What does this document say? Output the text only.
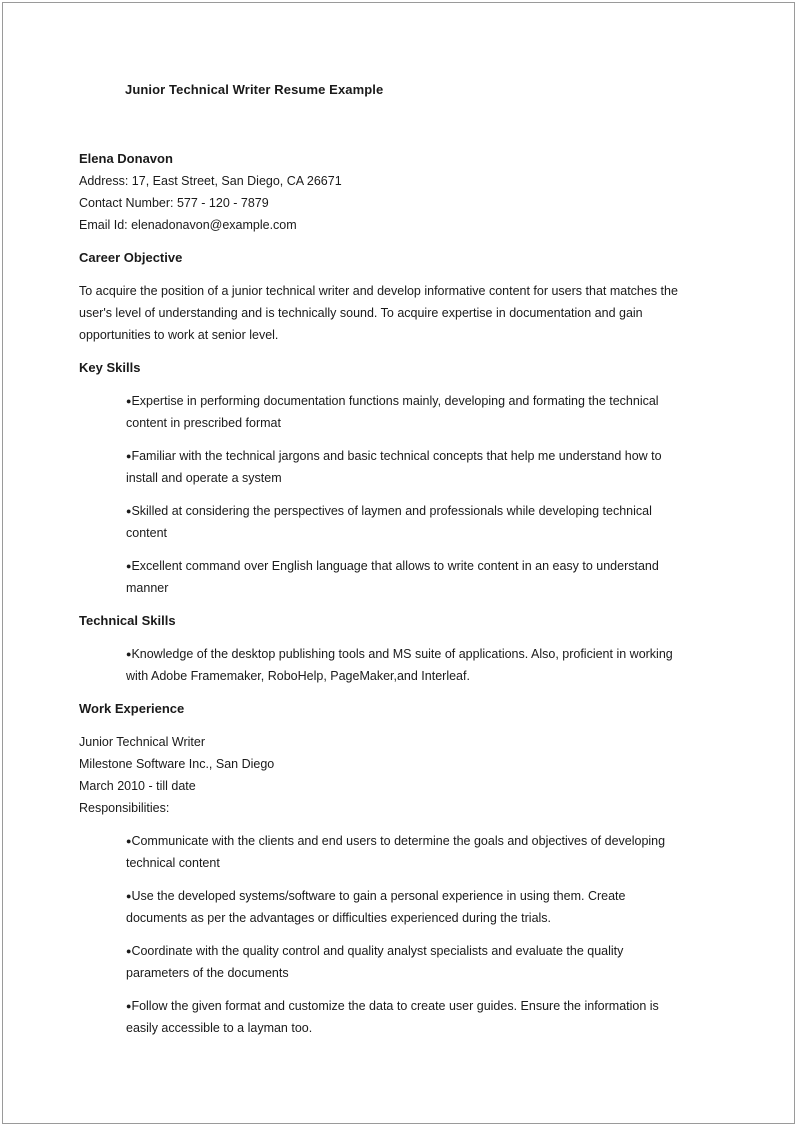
Junior Technical Writer Resume Example
Elena Donavon
Address: 17, East Street, San Diego, CA 26671
Contact Number: 577 - 120 - 7879
Email Id: elenadonavon@example.com
Career Objective
To acquire the position of a junior technical writer and develop informative content for users that matches the
user's level of understanding and is technically sound. To acquire expertise in documentation and gain
opportunities to work at senior level.
Key Skills
●Expertise in performing documentation functions mainly, developing and formating the technical
content in prescribed format
●Familiar with the technical jargons and basic technical concepts that help me understand how to
install and operate a system
●Skilled at considering the perspectives of laymen and professionals while developing technical
content
●Excellent command over English language that allows to write content in an easy to understand
manner
Technical Skills
●Knowledge of the desktop publishing tools and MS suite of applications. Also, proficient in working
with Adobe Framemaker, RoboHelp, PageMaker,and Interleaf.
Work Experience
Junior Technical Writer
Milestone Software Inc., San Diego
March 2010 - till date
Responsibilities:
●Communicate with the clients and end users to determine the goals and objectives of developing
technical content
●Use the developed systems/software to gain a personal experience in using them. Create
documents as per the advantages or difficulties experienced during the trials.
●Coordinate with the quality control and quality analyst specialists and evaluate the quality
parameters of the documents
●Follow the given format and customize the data to create user guides. Ensure the information is
easily accessible to a layman too.
